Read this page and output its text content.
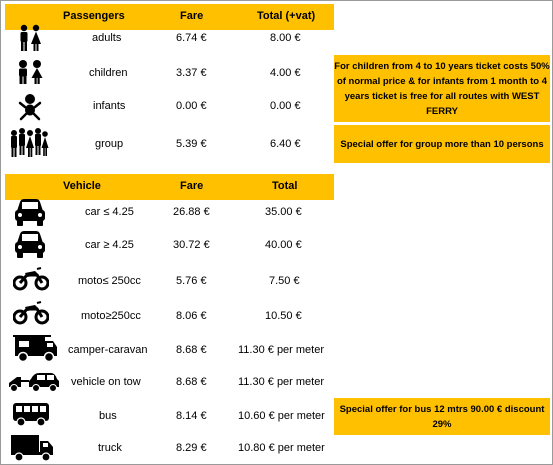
Passengers	Fare	Total (+vat)
adults	6.74 €	8.00 €
children	3.37 €	4.00 €
infants	0.00 €	0.00 €
group	5.39 €	6.40 €
For children from 4 to 10 years ticket costs 50% of normal price & for infants from 1 month to 4 years ticket is free for all routes with WEST FERRY
Special offer for group more than 10 persons
Vehicle	Fare	Total
car ≤ 4.25	26.88 €	35.00 €
car ≥ 4.25	30.72 €	40.00 €
moto≤ 250cc	5.76 €	7.50 €
moto≥250cc	8.06 €	10.50 €
camper-caravan	8.68 €	11.30 € per meter
vehicle on tow	8.68 €	11.30 € per meter
bus	8.14 €	10.60 € per meter
truck	8.29 €	10.80 € per meter
Special offer for bus 12 mtrs 90.00 € discount 29%
